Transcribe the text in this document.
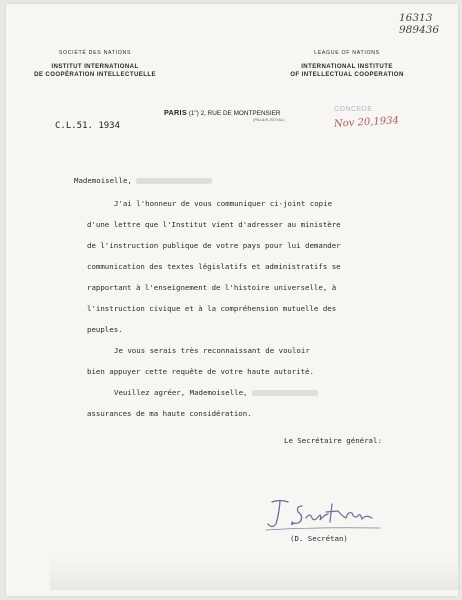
16313
989436
SOCIÉTÉ DES NATIONS
INSTITUT INTERNATIONAL
DE COOPÉRATION INTELLECTUELLE
LEAGUE OF NATIONS
INTERNATIONAL INSTITUTE
OF INTELLECTUAL COOPERATION
PARIS (1") 2, RUE DE MONTPENSIER
(PALAIS-ROYAL)
CONCEDE
C.L.51. 1934	Nov 20,1934
Mademoiselle,
J'ai l'honneur de vous communiquer ci-joint copie
d'une lettre que l'Institut vient d'adresser au ministère
de l'instruction publique de votre pays pour lui demander
communication des textes législatifs et administratifs se
rapportant à l'enseignement de l'histoire universelle, à
l'instruction civique et à la compréhension mutuelle des
peuples.
Je vous serais très reconnaissant de vouloir
bien appuyer cette requête de votre haute autorité.
Veuillez agréer, Mademoiselle,
assurances de ma haute considération.
Le Secrétaire général:
(D. Secrétan)
